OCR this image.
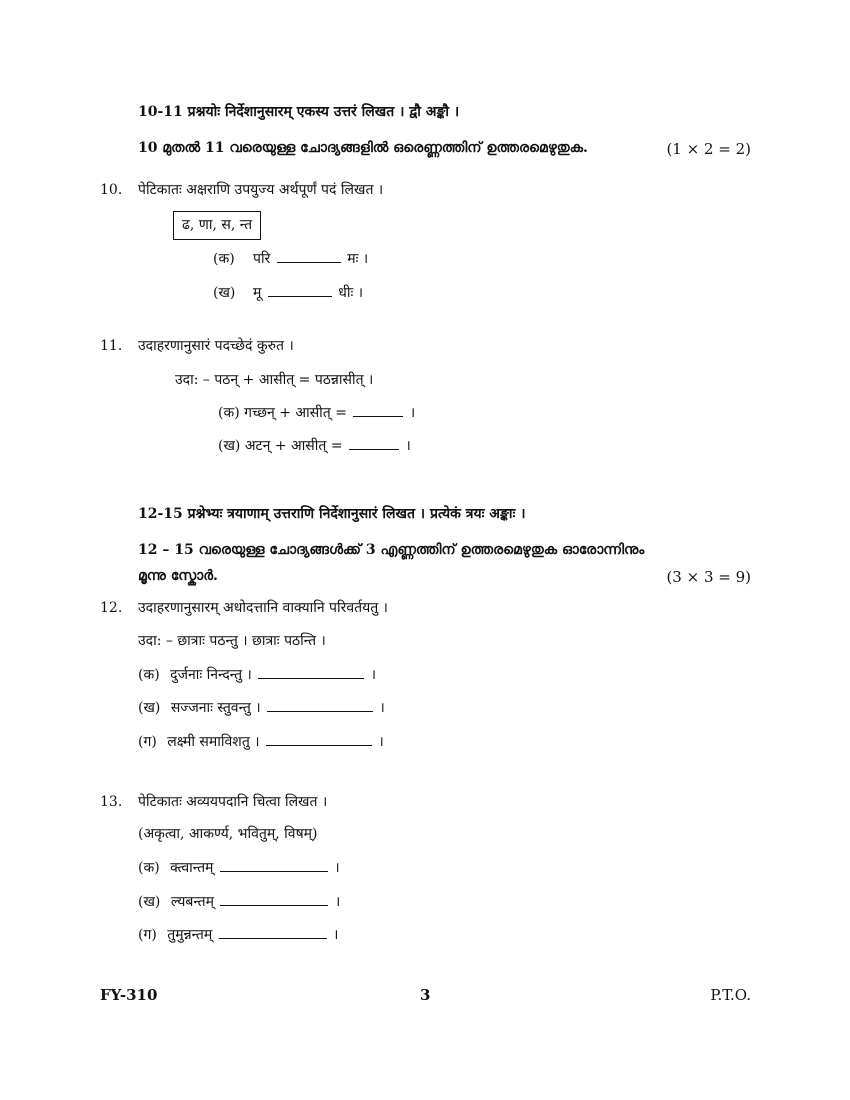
10-11 प्रश्नयोः निर्देशानुसारम् एकस्य उत्तरं लिखत । द्वौ अङ्कौ ।
10 മുതൽ 11 വരെയുള്ള ചോദ്യങ്ങളിൽ ഒരെണ്ണത്തിന് ഉത്തരമെഴുതുക.	(1 × 2 = 2)
10. पेटिकातः अक्षराणि उपयुज्य अर्थपूर्णं पदं लिखत ।
ढ, णा, स, न्त
(क) परि	मः ।
(ख) मू	धीः ।
11. उदाहरणानुसारं पदच्छेदं कुरुत ।
उदा: – पठन् + आसीत् = पठन्नासीत् ।
(क) गच्छन् + आसीत् =	।
(ख) अटन् + आसीत् =	।
12-15 प्रश्नेभ्यः त्रयाणाम् उत्तराणि निर्देशानुसारं लिखत । प्रत्येकं त्रयः अङ्काः ।
12 – 15 വരെയുള്ള ചോദ്യങ്ങൾക്ക് 3 എണ്ണത്തിന് ഉത്തരമെഴുതുക ഓരോന്നിനും
മൂന്നു സ്കോർ.	(3 × 3 = 9)
12. उदाहरणानुसारम् अधोदत्तानि वाक्यानि परिवर्तयतु ।
उदा: – छात्राः पठन्तु । छात्राः पठन्ति ।
(क) दुर्जनाः निन्दन्तु ।	।
(ख) सज्जनाः स्तुवन्तु ।	।
(ग) लक्ष्मी समाविशतु ।	।
13. पेटिकातः अव्ययपदानि चित्वा लिखत ।
(अकृत्वा, आकर्ण्य, भवितुम्, विषम्)
(क) क्त्वान्तम्	।
(ख) ल्यबन्तम्	।
(ग) तुमुन्नन्तम्	।
FY-310	3	P.T.O.
